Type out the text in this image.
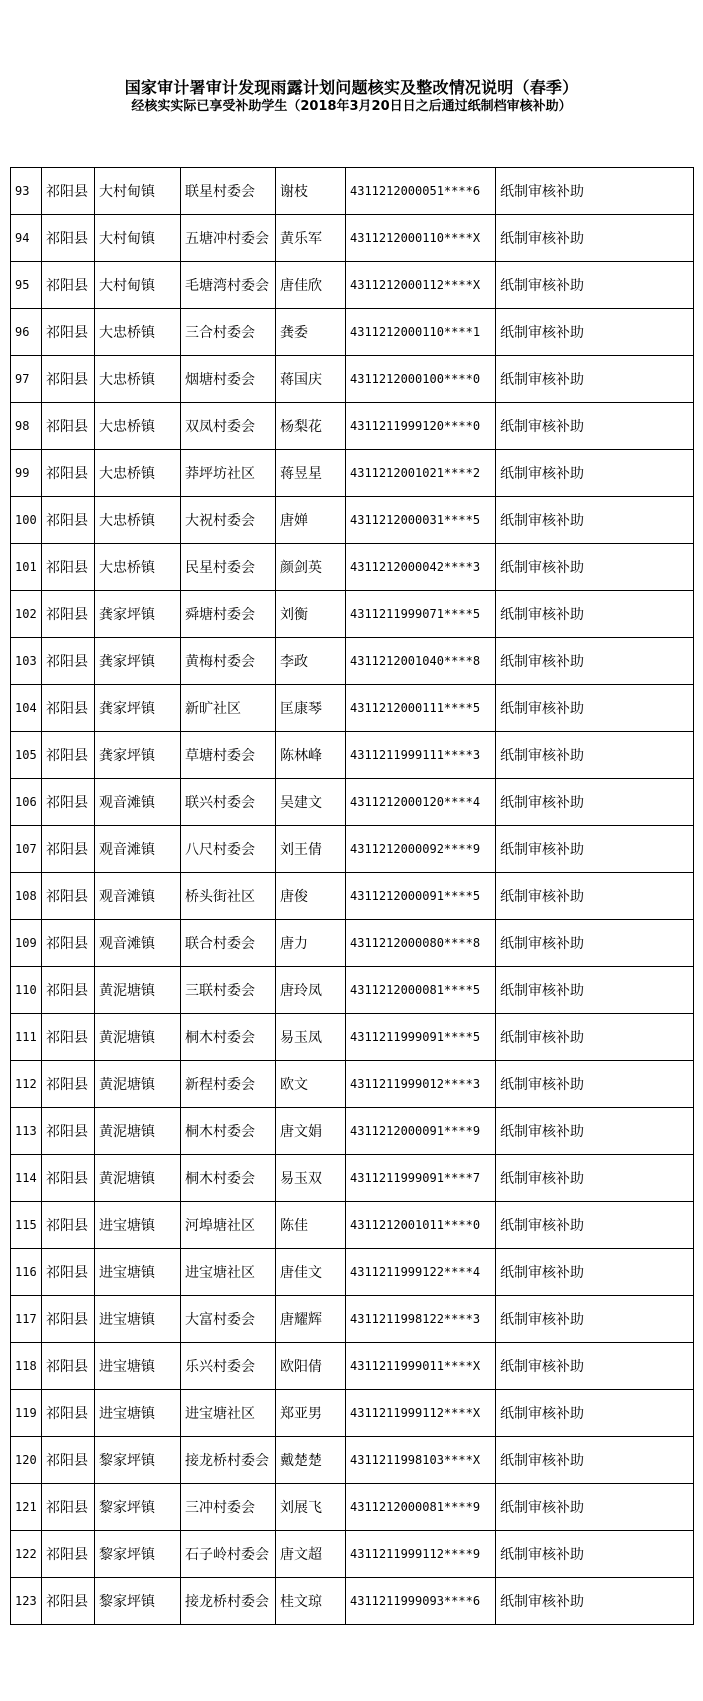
国家审计署审计发现雨露计划问题核实及整改情况说明（春季）
经核实实际已享受补助学生（2018年3月20日日之后通过纸制档审核补助）
93	祁阳县	大村甸镇	联星村委会	谢枝	4311212000051****6	纸制审核补助
94	祁阳县	大村甸镇	五塘冲村委会	黄乐军	4311212000110****X	纸制审核补助
95	祁阳县	大村甸镇	毛塘湾村委会	唐佳欣	4311212000112****X	纸制审核补助
96	祁阳县	大忠桥镇	三合村委会	龚委	4311212000110****1	纸制审核补助
97	祁阳县	大忠桥镇	烟塘村委会	蒋国庆	4311212000100****0	纸制审核补助
98	祁阳县	大忠桥镇	双凤村委会	杨梨花	4311211999120****0	纸制审核补助
99	祁阳县	大忠桥镇	莽坪坊社区	蒋昱星	4311212001021****2	纸制审核补助
100	祁阳县	大忠桥镇	大祝村委会	唐婵	4311212000031****5	纸制审核补助
101	祁阳县	大忠桥镇	民星村委会	颜剑英	4311212000042****3	纸制审核补助
102	祁阳县	龚家坪镇	舜塘村委会	刘衡	4311211999071****5	纸制审核补助
103	祁阳县	龚家坪镇	黄梅村委会	李政	4311212001040****8	纸制审核补助
104	祁阳县	龚家坪镇	新旷社区	匡康琴	4311212000111****5	纸制审核补助
105	祁阳县	龚家坪镇	草塘村委会	陈林峰	4311211999111****3	纸制审核补助
106	祁阳县	观音滩镇	联兴村委会	吴建文	4311212000120****4	纸制审核补助
107	祁阳县	观音滩镇	八尺村委会	刘王倩	4311212000092****9	纸制审核补助
108	祁阳县	观音滩镇	桥头街社区	唐俊	4311212000091****5	纸制审核补助
109	祁阳县	观音滩镇	联合村委会	唐力	4311212000080****8	纸制审核补助
110	祁阳县	黄泥塘镇	三联村委会	唐玲凤	4311212000081****5	纸制审核补助
111	祁阳县	黄泥塘镇	桐木村委会	易玉凤	4311211999091****5	纸制审核补助
112	祁阳县	黄泥塘镇	新程村委会	欧文	4311211999012****3	纸制审核补助
113	祁阳县	黄泥塘镇	桐木村委会	唐文娟	4311212000091****9	纸制审核补助
114	祁阳县	黄泥塘镇	桐木村委会	易玉双	4311211999091****7	纸制审核补助
115	祁阳县	进宝塘镇	河埠塘社区	陈佳	4311212001011****0	纸制审核补助
116	祁阳县	进宝塘镇	进宝塘社区	唐佳文	4311211999122****4	纸制审核补助
117	祁阳县	进宝塘镇	大富村委会	唐耀辉	4311211998122****3	纸制审核补助
118	祁阳县	进宝塘镇	乐兴村委会	欧阳倩	4311211999011****X	纸制审核补助
119	祁阳县	进宝塘镇	进宝塘社区	郑亚男	4311211999112****X	纸制审核补助
120	祁阳县	黎家坪镇	接龙桥村委会	戴楚楚	4311211998103****X	纸制审核补助
121	祁阳县	黎家坪镇	三冲村委会	刘展飞	4311212000081****9	纸制审核补助
122	祁阳县	黎家坪镇	石子岭村委会	唐文超	4311211999112****9	纸制审核补助
123	祁阳县	黎家坪镇	接龙桥村委会	桂文琼	4311211999093****6	纸制审核补助
